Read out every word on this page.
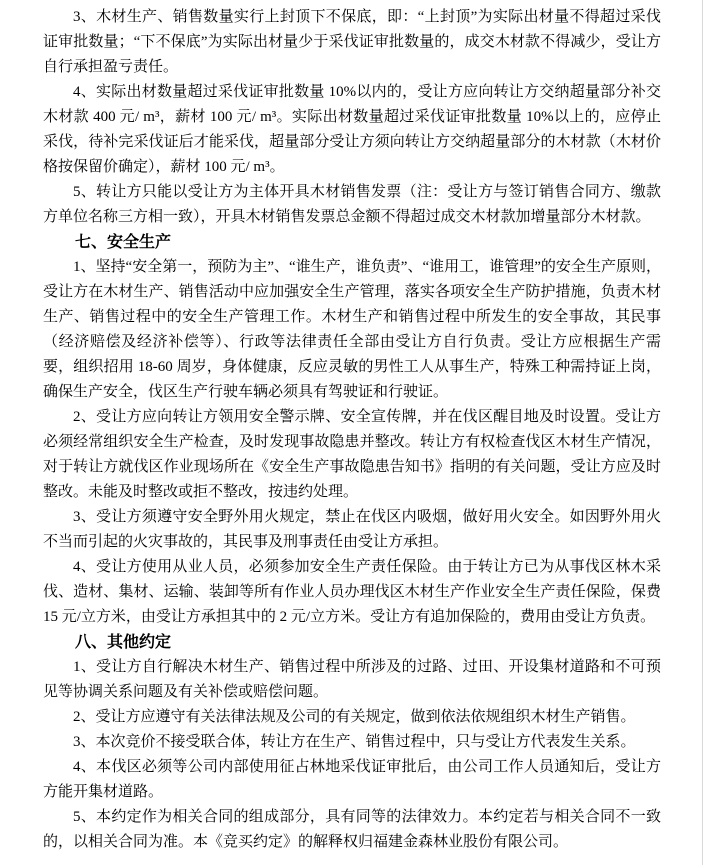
3、木材生产、销售数量实行上封顶下不保底，即：“上封顶”为实际出材量不得超过采伐证审批数量；“下不保底”为实际出材量少于采伐证审批数量的，成交木材款不得减少，受让方自行承担盈亏责任。

4、实际出材数量超过采伐证审批数量 10%以内的，受让方应向转让方交纳超量部分补交木材款 400 元/ m³，薪材 100 元/ m³。实际出材数量超过采伐证审批数量 10%以上的，应停止采伐，待补完采伐证后才能采伐，超量部分受让方须向转让方交纳超量部分的木材款（木材价格按保留价确定），薪材 100 元/ m³。

5、转让方只能以受让方为主体开具木材销售发票（注：受让方与签订销售合同方、缴款方单位名称三方相一致），开具木材销售发票总金额不得超过成交木材款加增量部分木材款。

七、安全生产

1、坚持“安全第一，预防为主”、“谁生产，谁负责”、“谁用工，谁管理”的安全生产原则，受让方在木材生产、销售活动中应加强安全生产管理，落实各项安全生产防护措施，负责木材生产、销售过程中的安全生产管理工作。木材生产和销售过程中所发生的安全事故，其民事（经济赔偿及经济补偿等）、行政等法律责任全部由受让方自行负责。受让方应根据生产需要，组织招用 18-60 周岁，身体健康，反应灵敏的男性工人从事生产，特殊工种需持证上岗，确保生产安全，伐区生产行驶车辆必须具有驾驶证和行驶证。

2、受让方应向转让方领用安全警示牌、安全宣传牌，并在伐区醒目地及时设置。受让方必须经常组织安全生产检查，及时发现事故隐患并整改。转让方有权检查伐区木材生产情况，对于转让方就伐区作业现场所在《安全生产事故隐患告知书》指明的有关问题，受让方应及时整改。未能及时整改或拒不整改，按违约处理。

3、受让方须遵守安全野外用火规定，禁止在伐区内吸烟，做好用火安全。如因野外用火不当而引起的火灾事故的，其民事及刑事责任由受让方承担。

4、受让方使用从业人员，必须参加安全生产责任保险。由于转让方已为从事伐区林木采伐、造材、集材、运输、装卸等所有作业人员办理伐区木材生产作业安全生产责任保险，保费 15 元/立方米，由受让方承担其中的 2 元/立方米。受让方有追加保险的，费用由受让方负责。

八、其他约定

1、受让方自行解决木材生产、销售过程中所涉及的过路、过田、开设集材道路和不可预见等协调关系问题及有关补偿或赔偿问题。

2、受让方应遵守有关法律法规及公司的有关规定，做到依法依规组织木材生产销售。

3、本次竞价不接受联合体，转让方在生产、销售过程中，只与受让方代表发生关系。

4、本伐区必须等公司内部使用征占林地采伐证审批后，由公司工作人员通知后，受让方方能开集材道路。

5、本约定作为相关合同的组成部分，具有同等的法律效力。本约定若与相关合同不一致的，以相关合同为准。本《竞买约定》的解释权归福建金森林业股份有限公司。
